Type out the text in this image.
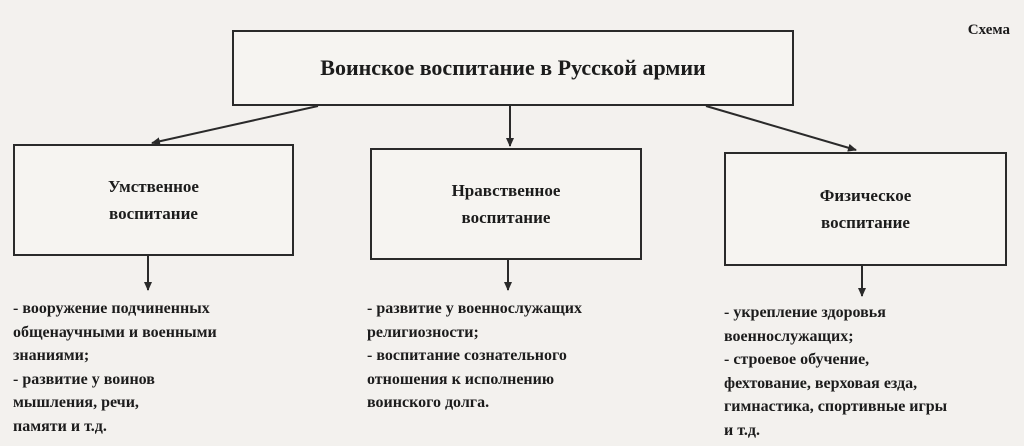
Схема
Воинское воспитание в Русской армии
Умственное
воспитание
Нравственное
воспитание
Физическое
воспитание
- вооружение подчиненных
общенаучными и военными
знаниями;
- развитие у воинов
мышления, речи,
памяти и т.д.
- развитие у военнослужащих
религиозности;
- воспитание сознательного
отношения к исполнению
воинского долга.
- укрепление здоровья
военнослужащих;
- строевое обучение,
фехтование, верховая езда,
гимнастика, спортивные игры
и т.д.
